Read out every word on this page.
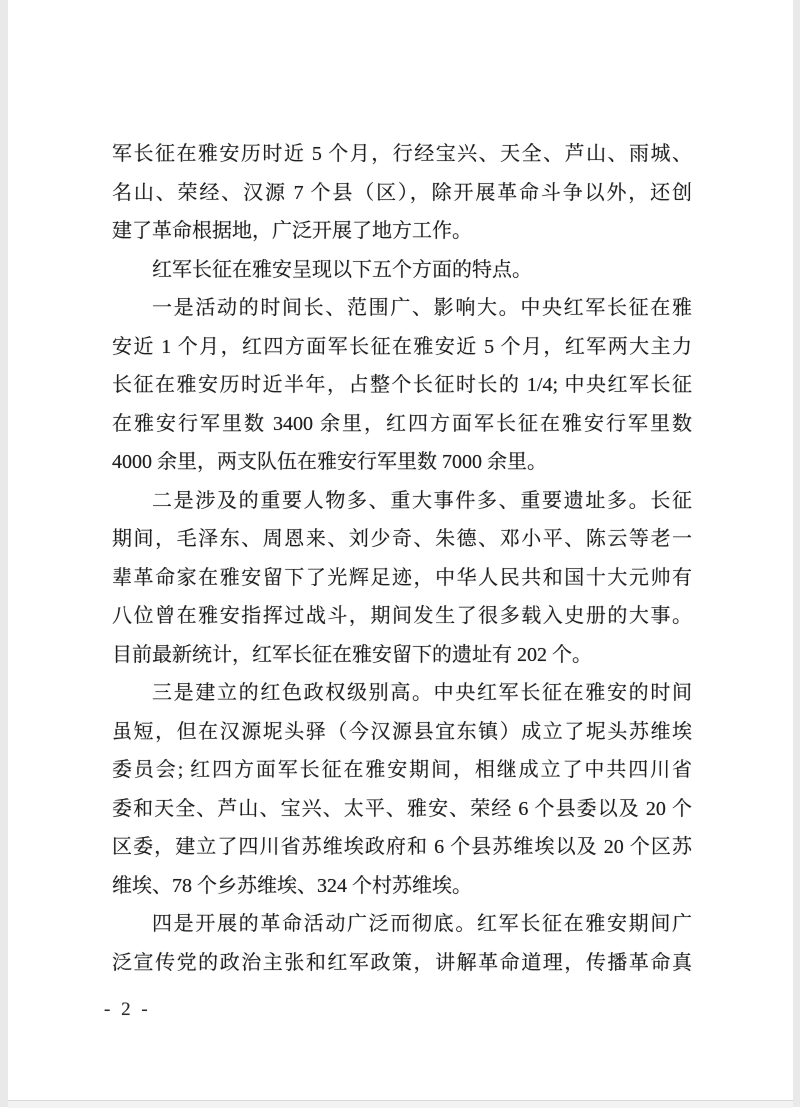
军长征在雅安历时近 5 个月，行经宝兴、天全、芦山、雨城、
名山、荣经、汉源 7 个县（区），除开展革命斗争以外，还创
建了革命根据地，广泛开展了地方工作。
红军长征在雅安呈现以下五个方面的特点。
一是活动的时间长、范围广、影响大。中央红军长征在雅
安近 1 个月，红四方面军长征在雅安近 5 个月，红军两大主力
长征在雅安历时近半年，占整个长征时长的 1/4; 中央红军长征
在雅安行军里数 3400 余里，红四方面军长征在雅安行军里数
4000 余里，两支队伍在雅安行军里数 7000 余里。
二是涉及的重要人物多、重大事件多、重要遗址多。长征
期间，毛泽东、周恩来、刘少奇、朱德、邓小平、陈云等老一
辈革命家在雅安留下了光辉足迹，中华人民共和国十大元帅有
八位曾在雅安指挥过战斗，期间发生了很多载入史册的大事。
目前最新统计，红军长征在雅安留下的遗址有 202 个。
三是建立的红色政权级别高。中央红军长征在雅安的时间
虽短，但在汉源坭头驿（今汉源县宜东镇）成立了坭头苏维埃
委员会; 红四方面军长征在雅安期间，相继成立了中共四川省
委和天全、芦山、宝兴、太平、雅安、荣经 6 个县委以及 20 个
区委，建立了四川省苏维埃政府和 6 个县苏维埃以及 20 个区苏
维埃、78 个乡苏维埃、324 个村苏维埃。
四是开展的革命活动广泛而彻底。红军长征在雅安期间广
泛宣传党的政治主张和红军政策，讲解革命道理，传播革命真
- 2 -
